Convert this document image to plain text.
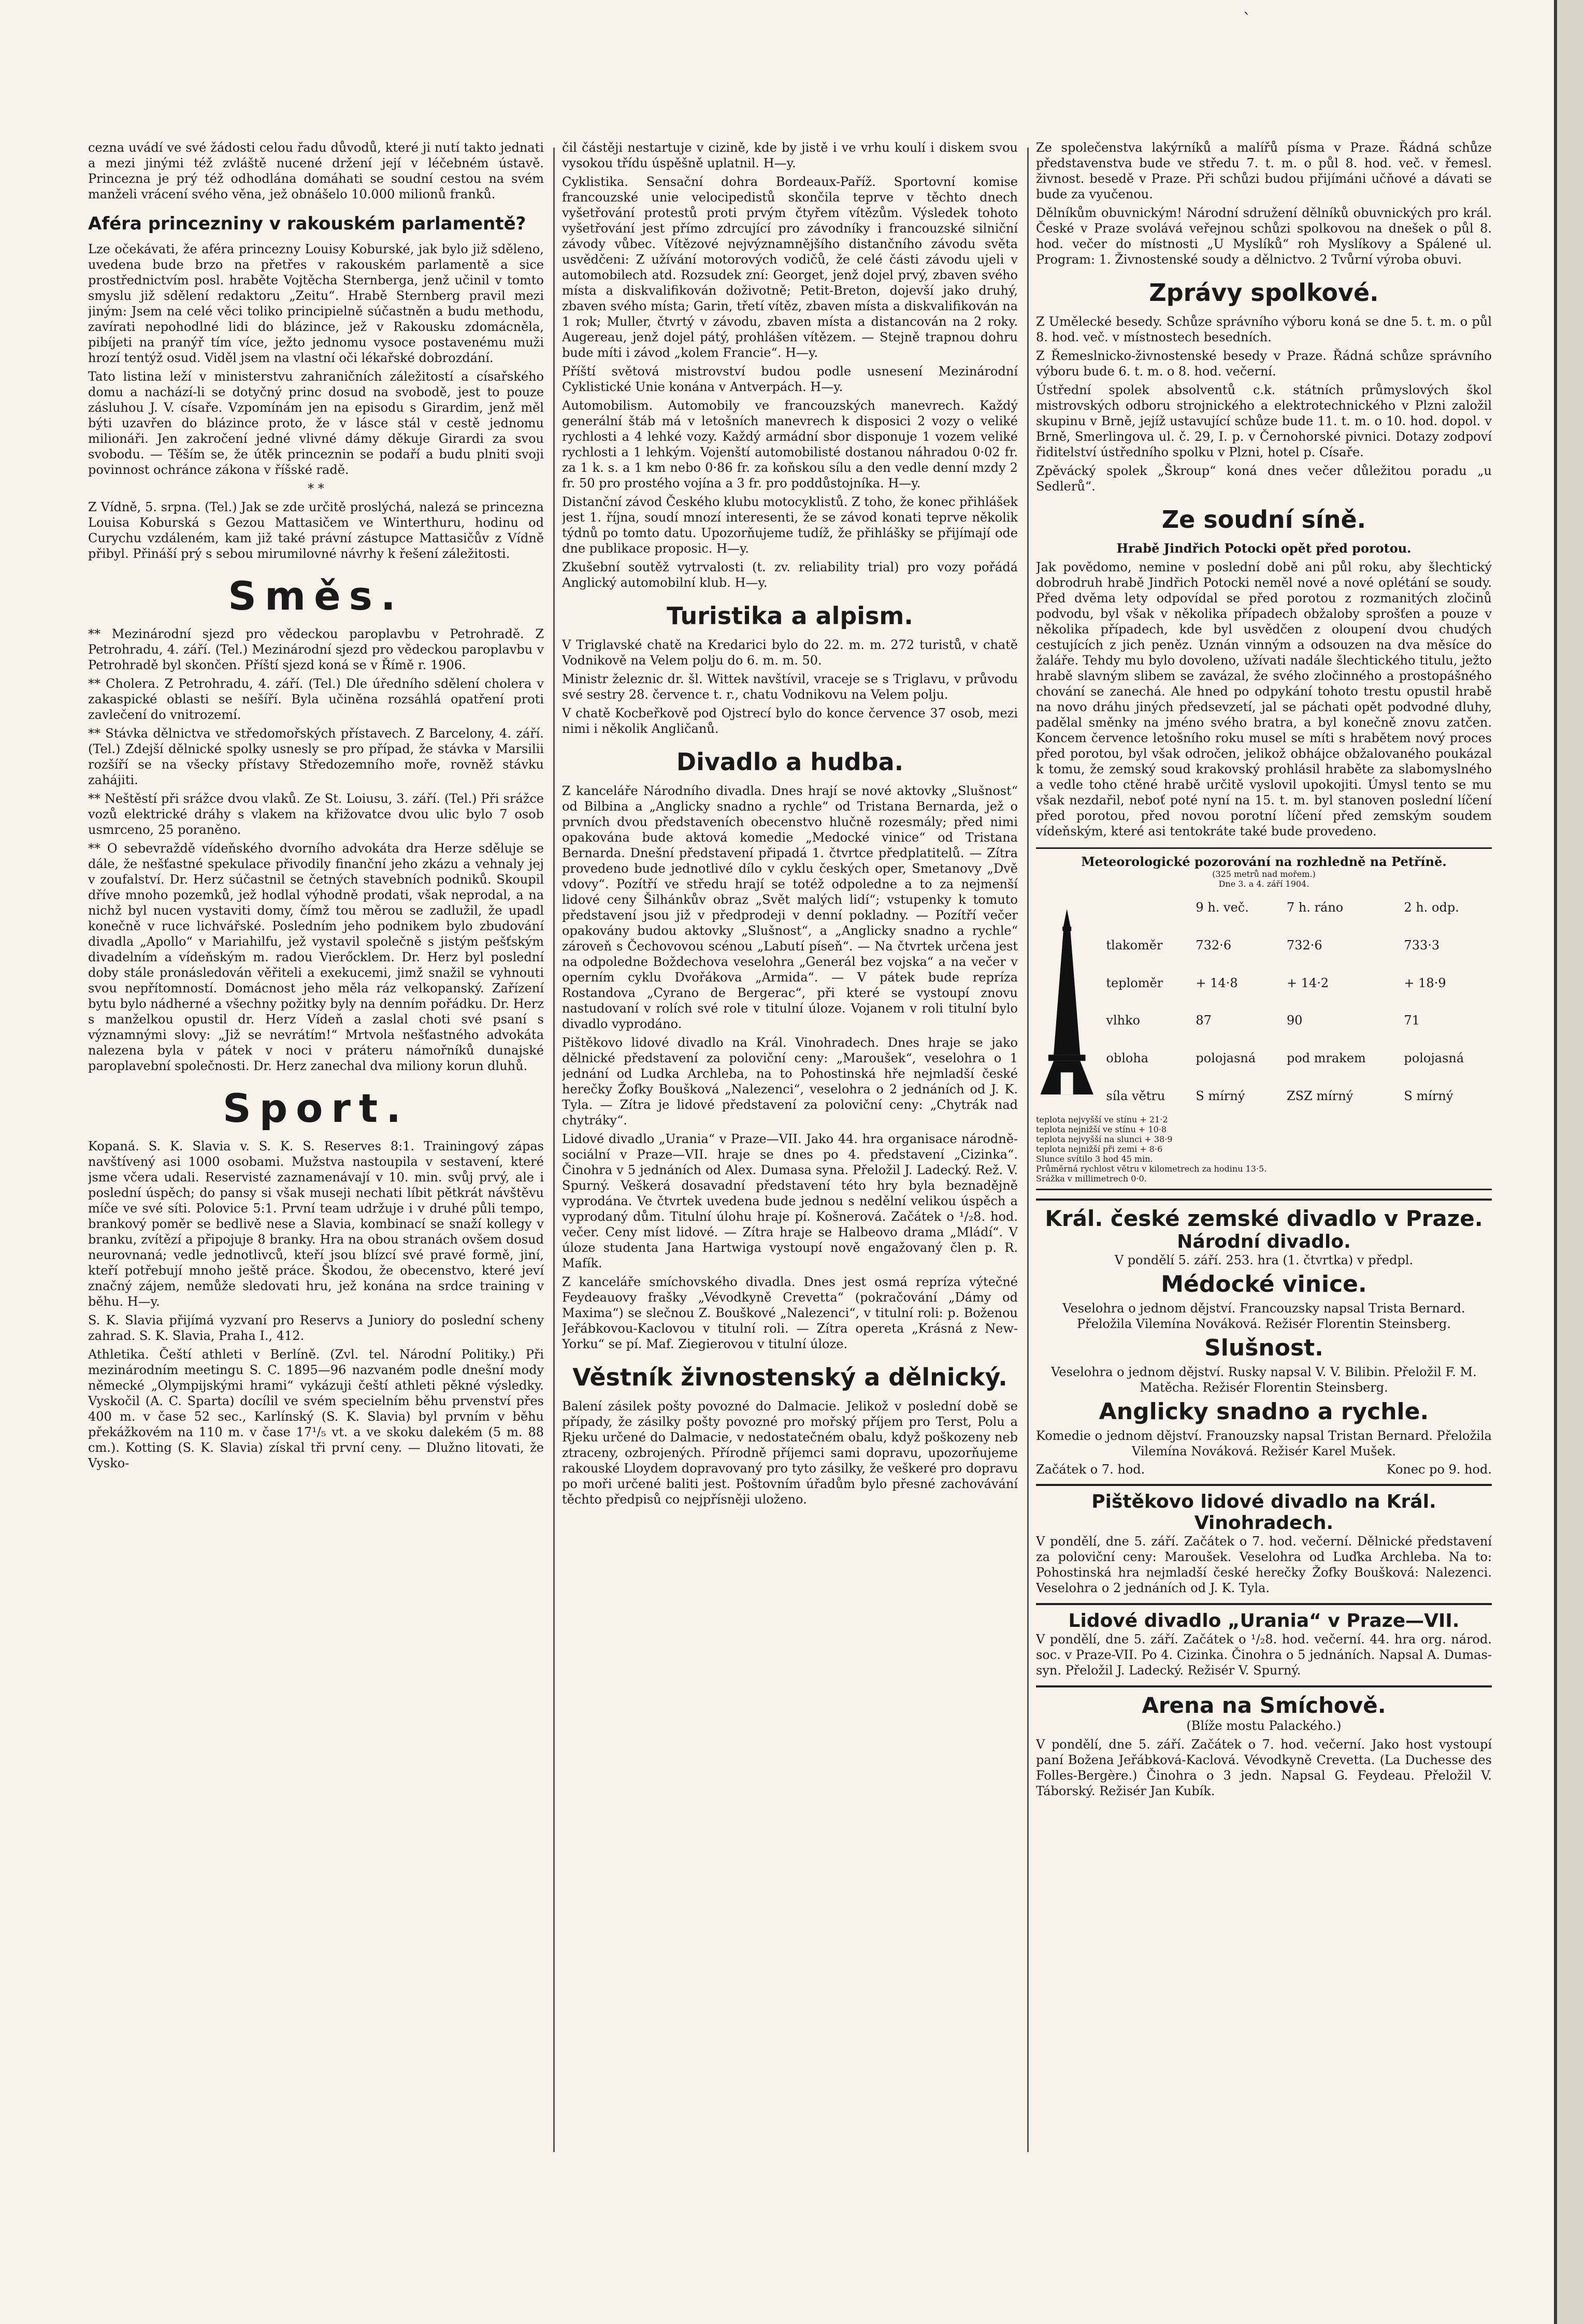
`

cezna uvádí ve své žádosti celou řadu důvodů, které ji nutí takto jednati a mezi jinými též zvláště nucené držení její v léčebném ústavě. Princezna je prý též odhodlána domáhati se soudní cestou na svém manželi vrácení svého věna, jež obnášelo 10.000 milionů franků.

Aféra princezniny v rakouském parlamentě?

Lze očekávati, že aféra princezny Louisy Koburské, jak bylo již sděleno, uvedena bude brzo na přetřes v rakouském parlamentě a sice prostřednictvím posl. hraběte Vojtěcha Sternberga, jenž učinil v tomto smyslu již sdělení redaktoru „Zeitu“. Hrabě Sternberg pravil mezi jiným: Jsem na celé věci toliko principielně súčastněn a budu methodu, zavírati nepohodlné lidi do blázince, jež v Rakousku zdomácněla, pibíjeti na pranýř tím více, ježto jednomu vysoce postavenému muži hrozí tentýž osud. Viděl jsem na vlastní oči lékařské dobrozdání.

Tato listina leží v ministerstvu zahraničních záležitostí a císařského domu a nachází-li se dotyčný princ dosud na svobodě, jest to pouze zásluhou J. V. císaře. Vzpomínám jen na episodu s Girardim, jenž měl býti uzavřen do blázince proto, že v lásce stál v cestě jednomu milionáři. Jen zakročení jedné vlivné dámy děkuje Girardi za svou svobodu. — Těším se, že útěk princeznin se podaří a budu plniti svoji povinnost ochránce zákona v říšské radě.

* *

Z Vídně, 5. srpna. (Tel.) Jak se zde určitě proslýchá, nalezá se princezna Louisa Koburská s Gezou Mattasičem ve Winterthuru, hodinu od Curychu vzdáleném, kam již také právní zástupce Mattasičův z Vídně přibyl. Přináší prý s sebou mirumilovné návrhy k řešení záležitosti.

Směs.

** Mezinárodní sjezd pro vědeckou paroplavbu v Petrohradě. Z Petrohradu, 4. září. (Tel.) Mezinárodní sjezd pro vědeckou paroplavbu v Petrohradě byl skončen. Příští sjezd koná se v Římě r. 1906.

** Cholera. Z Petrohradu, 4. září. (Tel.) Dle úředního sdělení cholera v zakaspické oblasti se nešíří. Byla učiněna rozsáhlá opatření proti zavlečení do vnitrozemí.

** Stávka dělnictva ve středomořských přístavech. Z Barcelony, 4. září. (Tel.) Zdejší dělnické spolky usnesly se pro případ, že stávka v Marsilii rozšíří se na všecky přístavy Středozemního moře, rovněž stávku zahájiti.

** Neštěstí při srážce dvou vlaků. Ze St. Loiusu, 3. září. (Tel.) Při srážce vozů elektrické dráhy s vlakem na křižovatce dvou ulic bylo 7 osob usmrceno, 25 poraněno.

** O sebevraždě vídeňského dvorního advokáta dra Herze sděluje se dále, že nešťastné spekulace přivodily finanční jeho zkázu a vehnaly jej v zoufalství. Dr. Herz súčastnil se četných stavebních podniků. Skoupil dříve mnoho pozemků, jež hodlal výhodně prodati, však neprodal, a na nichž byl nucen vystaviti domy, čímž tou měrou se zadlužil, že upadl konečně v ruce lichvářské. Posledním jeho podnikem bylo zbudování divadla „Apollo“ v Mariahilfu, jež vystavil společně s jistým pešťským divadelním a vídeňským m. radou Vierőcklem. Dr. Herz byl poslední doby stále pronásledován věřiteli a exekucemi, jimž snažil se vyhnouti svou nepřítomností. Domácnost jeho měla ráz velkopanský. Zařízení bytu bylo nádherné a všechny požitky byly na denním pořádku. Dr. Herz s manželkou opustil dr. Herz Vídeň a zaslal choti své psaní s významnými slovy: „Již se nevrátím!“ Mrtvola nešťastného advokáta nalezena byla v pátek v noci v práteru námořníků dunajské paroplavební společnosti. Dr. Herz zanechal dva miliony korun dluhů.

Sport.

Kopaná. S. K. Slavia v. S. K. S. Reserves 8:1. Trainingový zápas navštívený asi 1000 osobami. Mužstva nastoupila v sestavení, které jsme včera udali. Reservisté zaznamenávají v 10. min. svůj prvý, ale i poslední úspěch; do pansy si však museji nechati líbit pětkrát návštěvu míče ve své síti. Polovice 5:1. První team udržuje i v druhé půli tempo, brankový poměr se bedlivě nese a Slavia, kombinací se snaží kollegy v branku, zvítězí a připojuje 8 branky. Hra na obou stranách ovšem dosud neurovnaná; vedle jednotlivců, kteří jsou blízcí své pravé formě, jiní, kteří potřebují mnoho ještě práce. Škodou, že obecenstvo, které jeví značný zájem, nemůže sledovati hru, jež konána na srdce training v běhu. H—y.

S. K. Slavia přijímá vyzvaní pro Reservs a Juniory do poslední scheny zahrad. S. K. Slavia, Praha I., 412.

Athletika. Čeští athleti v Berlíně. (Zvl. tel. Národní Politiky.) Při mezinárodním meetingu S. C. 1895—96 nazvaném podle dnešní mody německé „Olympijskými hrami“ vykázuji čeští athleti pěkné výsledky. Vyskočil (A. C. Sparta) docílil ve svém specielním běhu prvenství přes 400 m. v čase 52 sec., Karlínský (S. K. Slavia) byl prvním v běhu překážkovém na 110 m. v čase 17¹/₅ vt. a ve skoku dalekém (5 m. 88 cm.). Kotting (S. K. Slavia) získal tři první ceny. — Dlužno litovati, že Vysko-

čil částěji nestartuje v cizině, kde by jistě i ve vrhu koulí i diskem svou vysokou třídu úspěšně uplatnil. H—y.

Cyklistika. Sensační dohra Bordeaux-Paříž. Sportovní komise francouzské unie velocipedistů skončila teprve v těchto dnech vyšetřování protestů proti prvým čtyřem vítězům. Výsledek tohoto vyšetřování jest přímo zdrcující pro závodníky i francouzské silniční závody vůbec. Vítězové nejvýznamnějšího distančního závodu světa usvědčeni: Z užívání motorových vodičů, že celé části závodu ujeli v automobilech atd. Rozsudek zní: Georget, jenž dojel prvý, zbaven svého místa a diskvalifikován doživotně; Petit-Breton, dojevší jako druhý, zbaven svého místa; Garin, třetí vítěz, zbaven místa a diskvalifikován na 1 rok; Muller, čtvrtý v závodu, zbaven místa a distancován na 2 roky. Augereau, jenž dojel pátý, prohlášen vítězem. — Stejně trapnou dohru bude míti i závod „kolem Francie“. H—y.

Příští světová mistrovství budou podle usnesení Mezinárodní Cyklistické Unie konána v Antverpách. H—y.

Automobilism. Automobily ve francouzských manevrech. Každý generální štáb má v letošních manevrech k disposici 2 vozy o veliké rychlosti a 4 lehké vozy. Každý armádní sbor disponuje 1 vozem veliké rychlosti a 1 lehkým. Vojenští automobilisté dostanou náhradou 0·02 fr. za 1 k. s. a 1 km nebo 0·86 fr. za koňskou sílu a den vedle denní mzdy 2 fr. 50 pro prostého vojína a 3 fr. pro poddůstojníka. H—y.

Distanční závod Českého klubu motocyklistů. Z toho, že konec přihlášek jest 1. října, soudí mnozí interesenti, že se závod konati teprve několik týdnů po tomto datu. Upozorňujeme tudíž, že přihlášky se přijímají ode dne publikace proposic. H—y.

Zkušební soutěž vytrvalosti (t. zv. reliability trial) pro vozy pořádá Anglický automobilní klub. H—y.

Turistika a alpism.

V Triglavské chatě na Kredarici bylo do 22. m. m. 272 turistů, v chatě Vodnikově na Velem polju do 6. m. m. 50.

Ministr železnic dr. šl. Wittek navštívil, vraceje se s Triglavu, v průvodu své sestry 28. července t. r., chatu Vodnikovu na Velem polju.

V chatě Kocbeřkově pod Ojstrecí bylo do konce července 37 osob, mezi nimi i několik Angličanů.

Divadlo a hudba.

Z kanceláře Národního divadla. Dnes hrají se nové aktovky „Slušnost“ od Bilbina a „Anglicky snadno a rychle“ od Tristana Bernarda, jež o prvních dvou představeních obecenstvo hlučně rozesmály; před nimi opakována bude aktová komedie „Medocké vinice“ od Tristana Bernarda. Dnešní představení připadá 1. čtvrtce předplatitelů. — Zítra provedeno bude jednotlivé dílo v cyklu českých oper, Smetanovy „Dvě vdovy“. Pozítří ve středu hrají se totéž odpoledne a to za nejmenší lidové ceny Šilhánkův obraz „Svět malých lidí“; vstupenky k tomuto představení jsou již v předprodeji v denní pokladny. — Pozítří večer opakovány budou aktovky „Slušnost“, a „Anglicky snadno a rychle“ zároveň s Čechovovou scénou „Labutí píseň“. — Na čtvrtek určena jest na odpoledne Boždechova veselohra „Generál bez vojska“ a na večer v operním cyklu Dvořákova „Armida“. — V pátek bude repríza Rostandova „Cyrano de Bergerac“, při které se vystoupí znovu nastudovaní v rolích své role v titulní úloze. Vojanem v roli titulní bylo divadlo vyprodáno.

Pištěkovo lidové divadlo na Král. Vinohradech. Dnes hraje se jako dělnické představení za poloviční ceny: „Maroušek“, veselohra o 1 jednání od Ludka Archleba, na to Pohostinská hře nejmladší české herečky Žofky Boušková „Nalezenci“, veselohra o 2 jednáních od J. K. Tyla. — Zítra je lidové představení za poloviční ceny: „Chytrák nad chytráky“.

Lidové divadlo „Urania“ v Praze—VII. Jako 44. hra organisace národně-sociální v Praze—VII. hraje se dnes po 4. představení „Cizinka“. Činohra v 5 jednáních od Alex. Dumasa syna. Přeložil J. Ladecký. Rež. V. Spurný. Veškerá dosavadní představení této hry byla beznadějně vyprodána. Ve čtvrtek uvedena bude jednou s nedělní velikou úspěch a vyprodaný dům. Titulní úlohu hraje pí. Košnerová. Začátek o ¹/₂8. hod. večer. Ceny míst lidové. — Zítra hraje se Halbeovo drama „Mládí“. V úloze studenta Jana Hartwiga vystoupí nově engažovaný člen p. R. Mafík.

Z kanceláře smíchovského divadla. Dnes jest osmá repríza výtečné Feydeauovy frašky „Vévodkyně Crevetta“ (pokračování „Dámy od Maxima“) se slečnou Z. Bouškové „Nalezenci“, v titulní roli: p. Boženou Jeřábkovou-Kaclovou v titulní roli. — Zítra opereta „Krásná z New-Yorku“ se pí. Maf. Ziegierovou v titulní úloze.

Věstník živnostenský a dělnický.

Balení zásilek pošty povozné do Dalmacie. Jelikož v poslední době se případy, že zásilky pošty povozné pro mořský příjem pro Terst, Polu a Rjeku určené do Dalmacie, v nedostatečném obalu, když poškozeny neb ztraceny, ozbrojených. Přírodně příjemci sami dopravu, upozorňujeme rakouské Lloydem dopravovaný pro tyto zásilky, že veškeré pro dopravu po moři určené baliti jest. Poštovním úřadům bylo přesné zachovávání těchto předpisů co nejpřísněji uloženo.

Ze společenstva lakýrníků a malířů písma v Praze. Řádná schůze představenstva bude ve středu 7. t. m. o půl 8. hod. več. v řemesl. živnost. besedě v Praze. Při schůzi budou přijímáni učňové a dávati se bude za vyučenou.

Dělníkům obuvnickým! Národní sdružení dělníků obuvnických pro král. České v Praze svolává veřejnou schůzi spolkovou na dnešek o půl 8. hod. večer do místnosti „U Myslíků“ roh Myslíkovy a Spálené ul. Program: 1. Živnostenské soudy a dělnictvo. 2 Tvůrní výroba obuvi.

Zprávy spolkové.

Z Umělecké besedy. Schůze správního výboru koná se dne 5. t. m. o půl 8. hod. več. v místnostech besedních.

Z Řemeslnicko-živnostenské besedy v Praze. Řádná schůze správního výboru bude 6. t. m. o 8. hod. večerní.

Ústřední spolek absolventů c.k. státních průmyslových škol mistrovských odboru strojnického a elektrotechnického v Plzni založil skupinu v Brně, jejíž ustavující schůze bude 11. t. m. o 10. hod. dopol. v Brně, Smerlingova ul. č. 29, I. p. v Černohorské pivnici. Dotazy zodpoví řiditelství ústředního spolku v Plzni, hotel p. Císaře.

Zpěvácký spolek „Škroup“ koná dnes večer důležitou poradu „u Sedlerů“.

Ze soudní síně.

Hrabě Jindřich Potocki opět před porotou.

Jak povědomo, nemine v poslední době ani půl roku, aby šlechtický dobrodruh hrabě Jindřich Potocki neměl nové a nové oplétání se soudy. Před dvěma lety odpovídal se před porotou z rozmanitých zločinů podvodu, byl však v několika případech obžaloby sprošťen a pouze v několika případech, kde byl usvědčen z oloupení dvou chudých cestujících z jich peněz. Uznán vinným a odsouzen na dva měsíce do žaláře. Tehdy mu bylo dovoleno, užívati nadále šlechtického titulu, ježto hrabě slavným slibem se zavázal, že svého zločinného a prostopášného chování se zanechá. Ale hned po odpykání tohoto trestu opustil hrabě na novo dráhu jiných předsevzetí, jal se páchati opět podvodné dluhy, padělal směnky na jméno svého bratra, a byl konečně znovu zatčen. Koncem července letošního roku musel se míti s hrabětem nový proces před porotou, byl však odročen, jelikož obhájce obžalovaného poukázal k tomu, že zemský soud krakovský prohlásil hraběte za slabomyslného a vedle toho ctěné hrabě určitě vyslovil upokojiti. Úmysl tento se mu však nezdařil, neboť poté nyní na 15. t. m. byl stanoven poslední líčení před porotou, před novou porotní líčení před zemským soudem vídeňským, které asi tentokráte také bude provedeno.

Meteorologické pozorování na rozhledně na Petříně.
(325 metrů nad mořem.)
Dne 3. a 4. září 1904.
	9 h. več.	7 h. ráno	2 h. odp.
tlakoměr	732·6	732·6	733·3
teploměr	+ 14·8	+ 14·2	+ 18·9
vlhko	87	90	71
obloha	polojasná	pod mrakem	polojasná
síla větru	S mírný	ZSZ mírný	S mírný
teplota nejvyšší ve stínu + 21·2
teplota nejnižší ve stínu + 10·8
teplota nejvyšší na slunci + 38·9
teplota nejnižší při zemi + 8·6
Slunce svítilo 3 hod 45 min.
Průměrná rychlost větru v kilometrech za hodinu 13·5.
Srážka v millimetrech 0·0.
Král. české zemské divadlo v Praze.
Národní divadlo.

V pondělí 5. září. 253. hra (1. čtvrtka) v předpl.

Médocké vinice.

Veselohra o jednom dějství. Francouzsky napsal Trista Bernard. Přeložila Vilemína Nováková. Režisér Florentin Steinsberg.

Slušnost.

Veselohra o jednom dějství. Rusky napsal V. V. Bilibin. Přeložil F. M. Matěcha. Režisér Florentin Steinsberg.

Anglicky snadno a rychle.

Komedie o jednom dějství. Franouzsky napsal Tristan Bernard. Přeložila Vilemína Nováková. Režisér Karel Mušek.

Začátek o 7. hod.	Konec po 9. hod.
Pištěkovo lidové divadlo na Král. Vinohradech.

V pondělí, dne 5. září. Začátek o 7. hod. večerní. Dělnické představení za poloviční ceny: Maroušek. Veselohra od Luďka Archleba. Na to: Pohostinská hra nejmladší české herečky Žofky Boušková: Nalezenci. Veselohra o 2 jednáních od J. K. Tyla.

Lidové divadlo „Urania“ v Praze—VII.

V pondělí, dne 5. září. Začátek o ¹/₂8. hod. večerní. 44. hra org. národ. soc. v Praze-VII. Po 4. Cizinka. Činohra o 5 jednáních. Napsal A. Dumas-syn. Přeložil J. Ladecký. Režisér V. Spurný.

Arena na Smíchově.

(Blíže mostu Palackého.)

V pondělí, dne 5. září. Začátek o 7. hod. večerní. Jako host vystoupí paní Božena Jeřábková-Kaclová. Vévodkyně Crevetta. (La Duchesse des Folles-Bergère.) Činohra o 3 jedn. Napsal G. Feydeau. Přeložil V. Táborský. Režisér Jan Kubík.
